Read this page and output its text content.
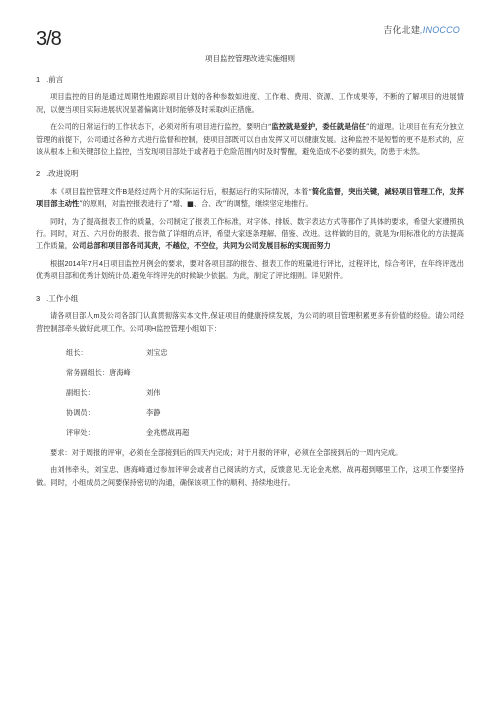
吉化北建,INOCCO
3/8
项目监控管理改进实施细则
1 .前言

项目监控的目的是通过周期性地跟踪项目计划的各种参数如进度、工作难、费用、资源、工作成果等，不断的了解项目的进展情况，以便当项目实际进展状况显著偏离计划时能够及时采取纠正措施。

在公司的日常运行的工作状态下，必须对所有项目进行监控，要明白“监控就是爱护，委任就是信任”的道理。让项目在有充分独立管理的前提下，公司通过各种方式进行监督和控制，使项目部既可以自由发挥又可以健康发展。这种监控不是短暂的更不是形式的，应该从根本上和关键部位上监控，当发现项目部处于或者趋于危险范围内时及时警醒，避免造成不必要的损失，防患于未然。

2 .改进说明

本《项目监控管理文件B是经过两个月的实际运行后，根据运行的实际情况，本着“简化监督，突出关键，减轻项目管理工作，发挥项目部主动性”的原则，对监控报表进行了“增、■、合、改”的调整，继续坚定地推行。

同时，为了提高报表工作的质量，公司制定了报表工作标准，对字体、排版、数字表达方式等都作了具体的要求，希望大家遵照执行。同时，对五、六月份的报表、报告做了详细的点评，希望大家逐条理解、借鉴、改进。这样做的目的，就是为r用标准化的方法提高工作质量，公司总部和项目部各司其责，不越位，不空位，共同为公司发展目标的实现而努力

根据2014年7月4日项目监控月例会的要求，要对各项目部的报告、报表工作的班量进行评比，过程评比，综合考评，在年终评选出优秀项目部和优秀计划统计员.避免年终评先的时候缺少依据。为此，制定了评比细则。详见附件。

3 .工作小组

请各项目部人m及公司各部门认真贯彻落实本文件,保证项目的健康持续发展，为公司的项目管理积累更多有价值的经验。请公司经营控制部牵头做好此项工作。公司项H监控管理小组如下：

组长：	刘宝忠
常务副组长： 唐海峰
副组长：	刘伟
协调员：	李静
评审处：	金兆燃战再超

要求：对于周报的评审，必须在全部接到后的四天内完成；对于月报的评审，必须在全部接到后的一周内完成。

由刘伟牵头，刘宝忠、唐海峰通过参加评审会或者自己阅读的方式，反馈意见.无论金兆燃、战再超到哪里工作，这项工作要坚持做。同时，小组成员之间要保持密切的沟通，确保该项工作的顺利、持续地进行。
